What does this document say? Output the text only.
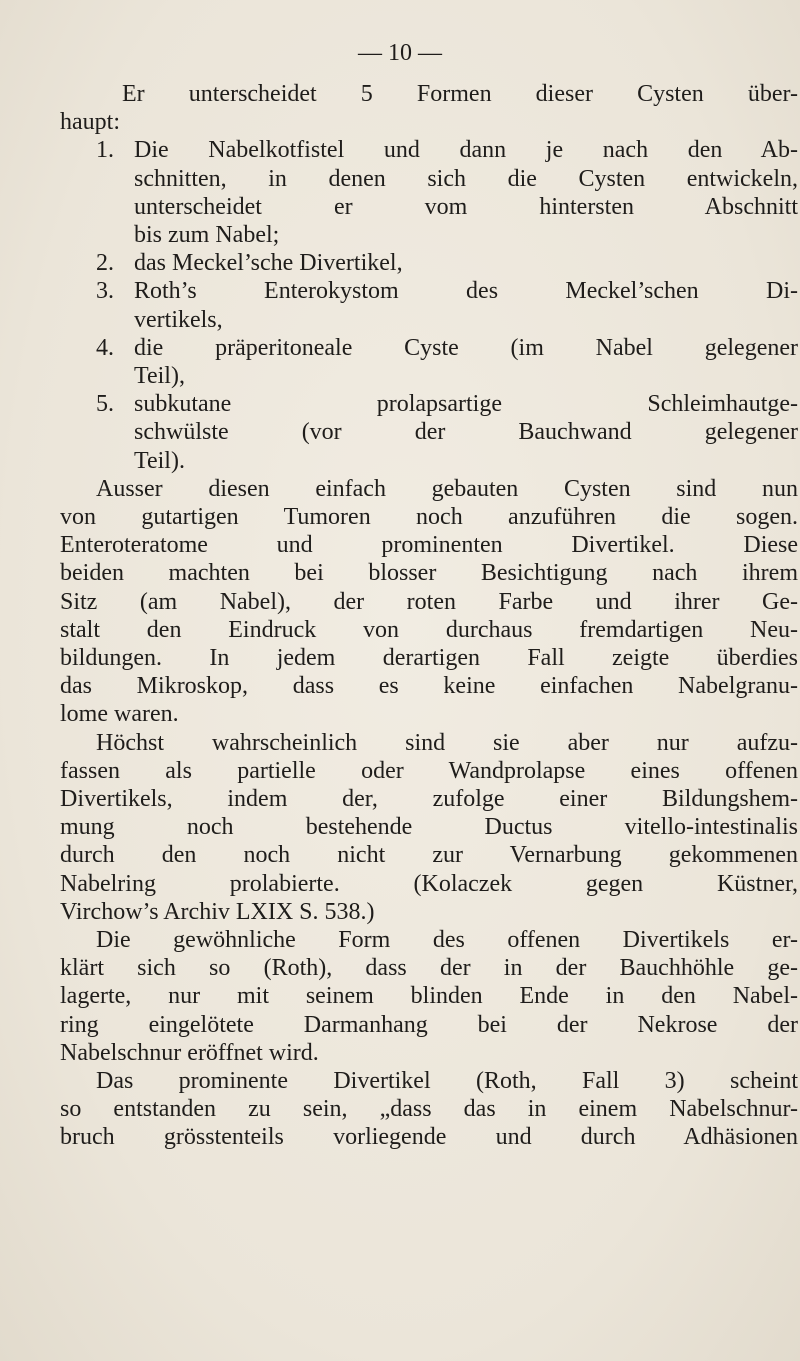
— 10 —
Er unterscheidet 5 Formen dieser Cysten über-
haupt:
1. Die Nabelkotfistel und dann je nach den Ab-
schnitten, in denen sich die Cysten entwickeln,
unterscheidet er vom hintersten Abschnitt
bis zum Nabel;
2. das Meckel’sche Divertikel,
3. Roth’s Enterokystom des Meckel’schen Di-
vertikels,
4. die präperitoneale Cyste (im Nabel gelegener
Teil),
5. subkutane prolapsartige Schleimhautge-
schwülste (vor der Bauchwand gelegener
Teil).
Ausser diesen einfach gebauten Cysten sind nun
von gutartigen Tumoren noch anzuführen die sogen.
Enteroteratome und prominenten Divertikel. Diese
beiden machten bei blosser Besichtigung nach ihrem
Sitz (am Nabel), der roten Farbe und ihrer Ge-
stalt den Eindruck von durchaus fremdartigen Neu-
bildungen. In jedem derartigen Fall zeigte überdies
das Mikroskop, dass es keine einfachen Nabelgranu-
lome waren.
Höchst wahrscheinlich sind sie aber nur aufzu-
fassen als partielle oder Wandprolapse eines offenen
Divertikels, indem der, zufolge einer Bildungshem-
mung noch bestehende Ductus vitello-intestinalis
durch den noch nicht zur Vernarbung gekommenen
Nabelring prolabierte. (Kolaczek gegen Küstner,
Virchow’s Archiv LXIX S. 538.)
Die gewöhnliche Form des offenen Divertikels er-
klärt sich so (Roth), dass der in der Bauchhöhle ge-
lagerte, nur mit seinem blinden Ende in den Nabel-
ring eingelötete Darmanhang bei der Nekrose der
Nabelschnur eröffnet wird.
Das prominente Divertikel (Roth, Fall 3) scheint
so entstanden zu sein, „dass das in einem Nabelschnur-
bruch grösstenteils vorliegende und durch Adhäsionen
